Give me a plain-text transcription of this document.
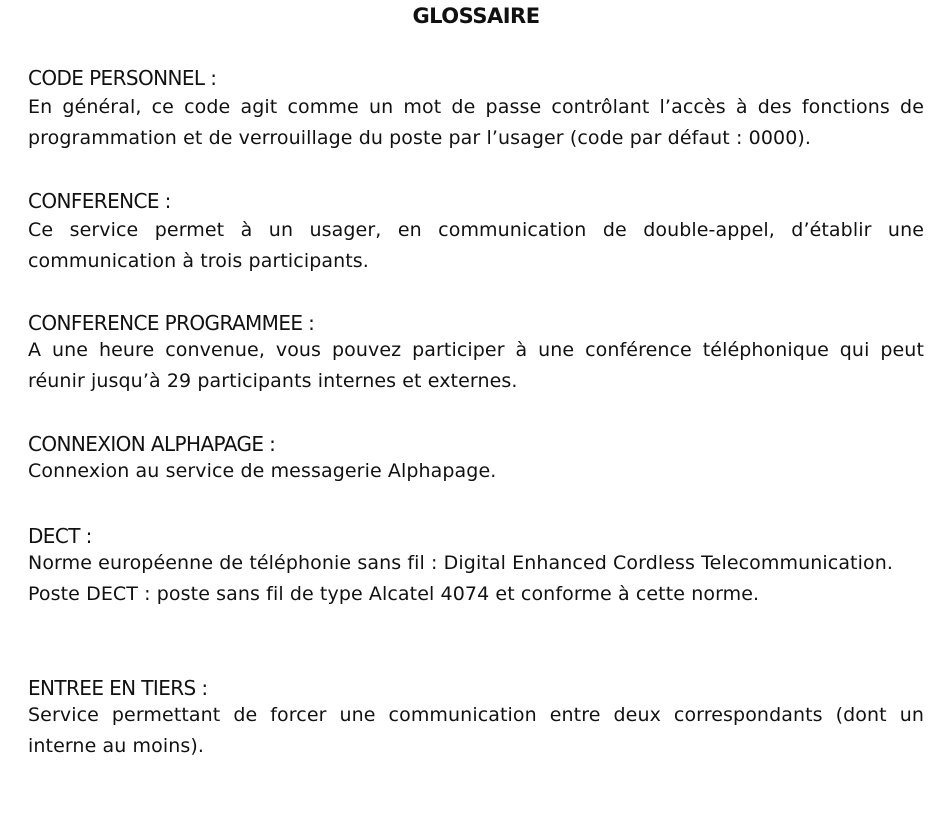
GLOSSAIRE

CODE PERSONNEL :

En général, ce code agit comme un mot de passe contrôlant l’accès à des fonctions de programmation et de verrouillage du poste par l’usager (code par défaut : 0000).

CONFERENCE :

Ce service permet à un usager, en communication de double-appel, d’établir une communication à trois participants.

CONFERENCE PROGRAMMEE :

A une heure convenue, vous pouvez participer à une conférence téléphonique qui peut réunir jusqu’à 29 participants internes et externes.

CONNEXION ALPHAPAGE :

Connexion au service de messagerie Alphapage.

DECT :

Norme européenne de téléphonie sans fil : Digital Enhanced Cordless Telecommunication.

Poste DECT : poste sans fil de type Alcatel 4074 et conforme à cette norme.

ENTREE EN TIERS :

Service permettant de forcer une communication entre deux correspondants (dont un interne au moins).
